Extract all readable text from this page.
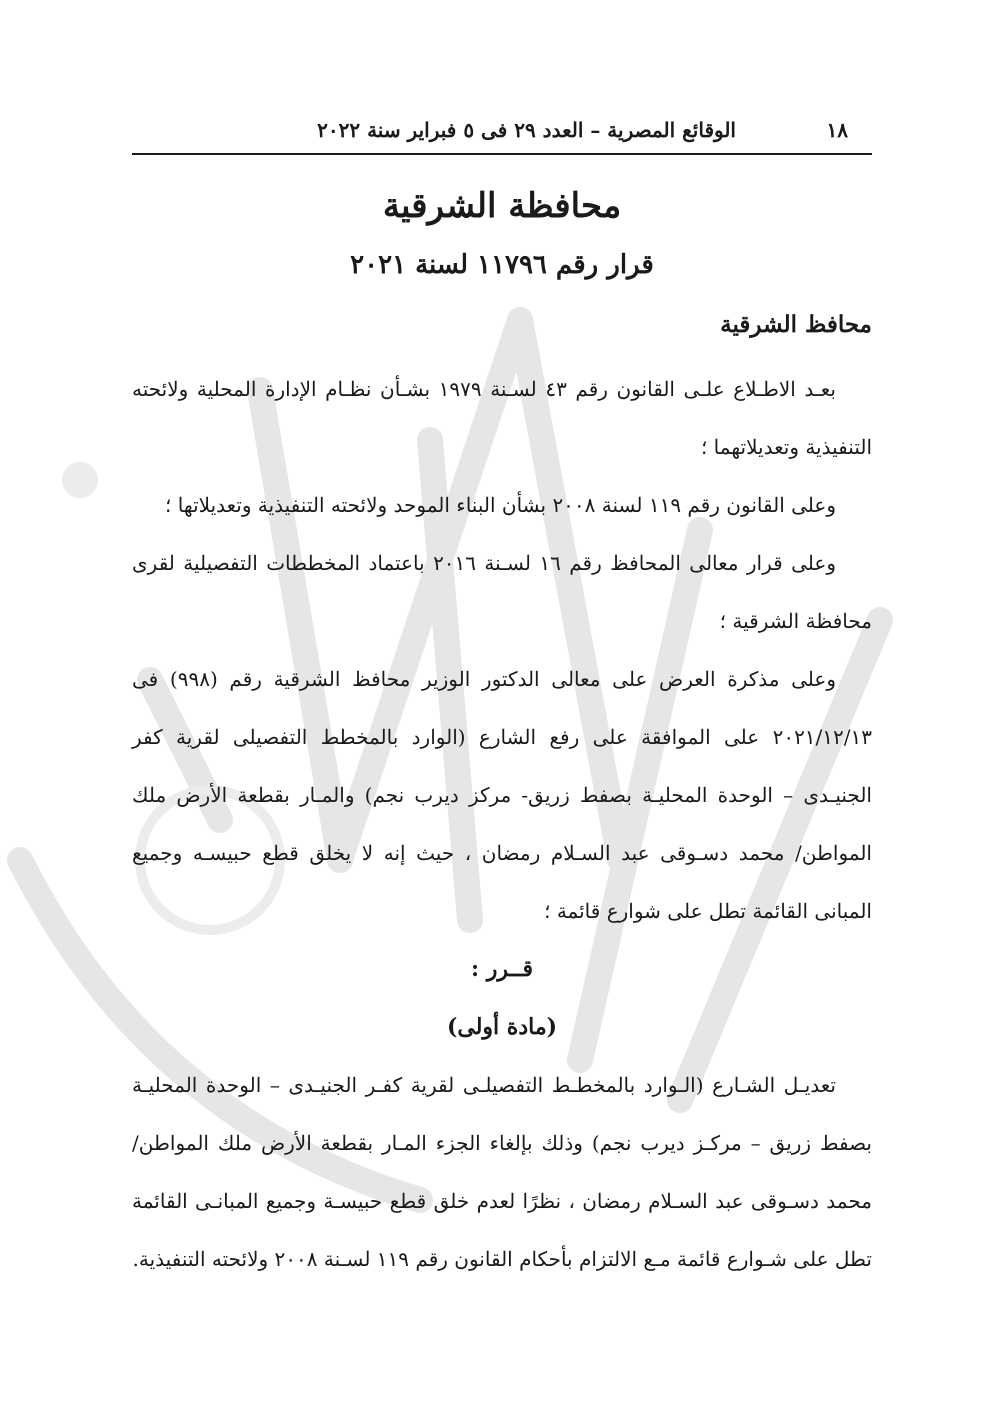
١٨
الوقائع المصرية – العدد ٢٩ فى ٥ فبراير سنة ٢٠٢٢
محافظة الشرقية
قرار رقم ١١٧٩٦ لسنة ٢٠٢١
محافظ الشرقية

بعـد الاطـلاع علـى القانون رقم ٤٣ لسـنة ١٩٧٩ بشـأن نظـام الإدارة المحلية ولائحته التنفيذية وتعديلاتهما ؛

وعلى القانون رقم ١١٩ لسنة ٢٠٠٨ بشأن البناء الموحد ولائحته التنفيذية وتعديلاتها ؛

وعلى قرار معالى المحافظ رقم ١٦ لسـنة ٢٠١٦ باعتماد المخططات التفصيلية لقرى محافظة الشرقية ؛

وعلى مذكرة العرض على معالى الدكتور الوزير محافظ الشرقية رقم (٩٩٨) فى ٢٠٢١/١٢/١٣ على الموافقة على رفع الشارع (الوارد بالمخطط التفصيلى لقرية كفر الجنيـدى – الوحدة المحليـة بصفط زريق- مركز ديرب نجم) والمـار بقطعة الأرض ملك المواطن/ محمد دسـوقى عبد السـلام رمضان ، حيث إنه لا يخلق قطع حبيسـه وجميع المبانى القائمة تطل على شوارع قائمة ؛

قــرر :

(مادة أولى)

تعديـل الشـارع (الـوارد بالمخطـط التفصيلـى لقرية كفـر الجنيـدى – الوحدة المحليـة بصفط زريق – مركـز ديرب نجم) وذلك بإلغاء الجزء المـار بقطعة الأرض ملك المواطن/ محمد دسـوقى عبد السـلام رمضان ، نظرًا لعدم خلق قطع حبيسـة وجميع المبانـى القائمة تطل على شـوارع قائمة مـع الالتزام بأحكام القانون رقم ١١٩ لسـنة ٢٠٠٨ ولائحته التنفيذية.
